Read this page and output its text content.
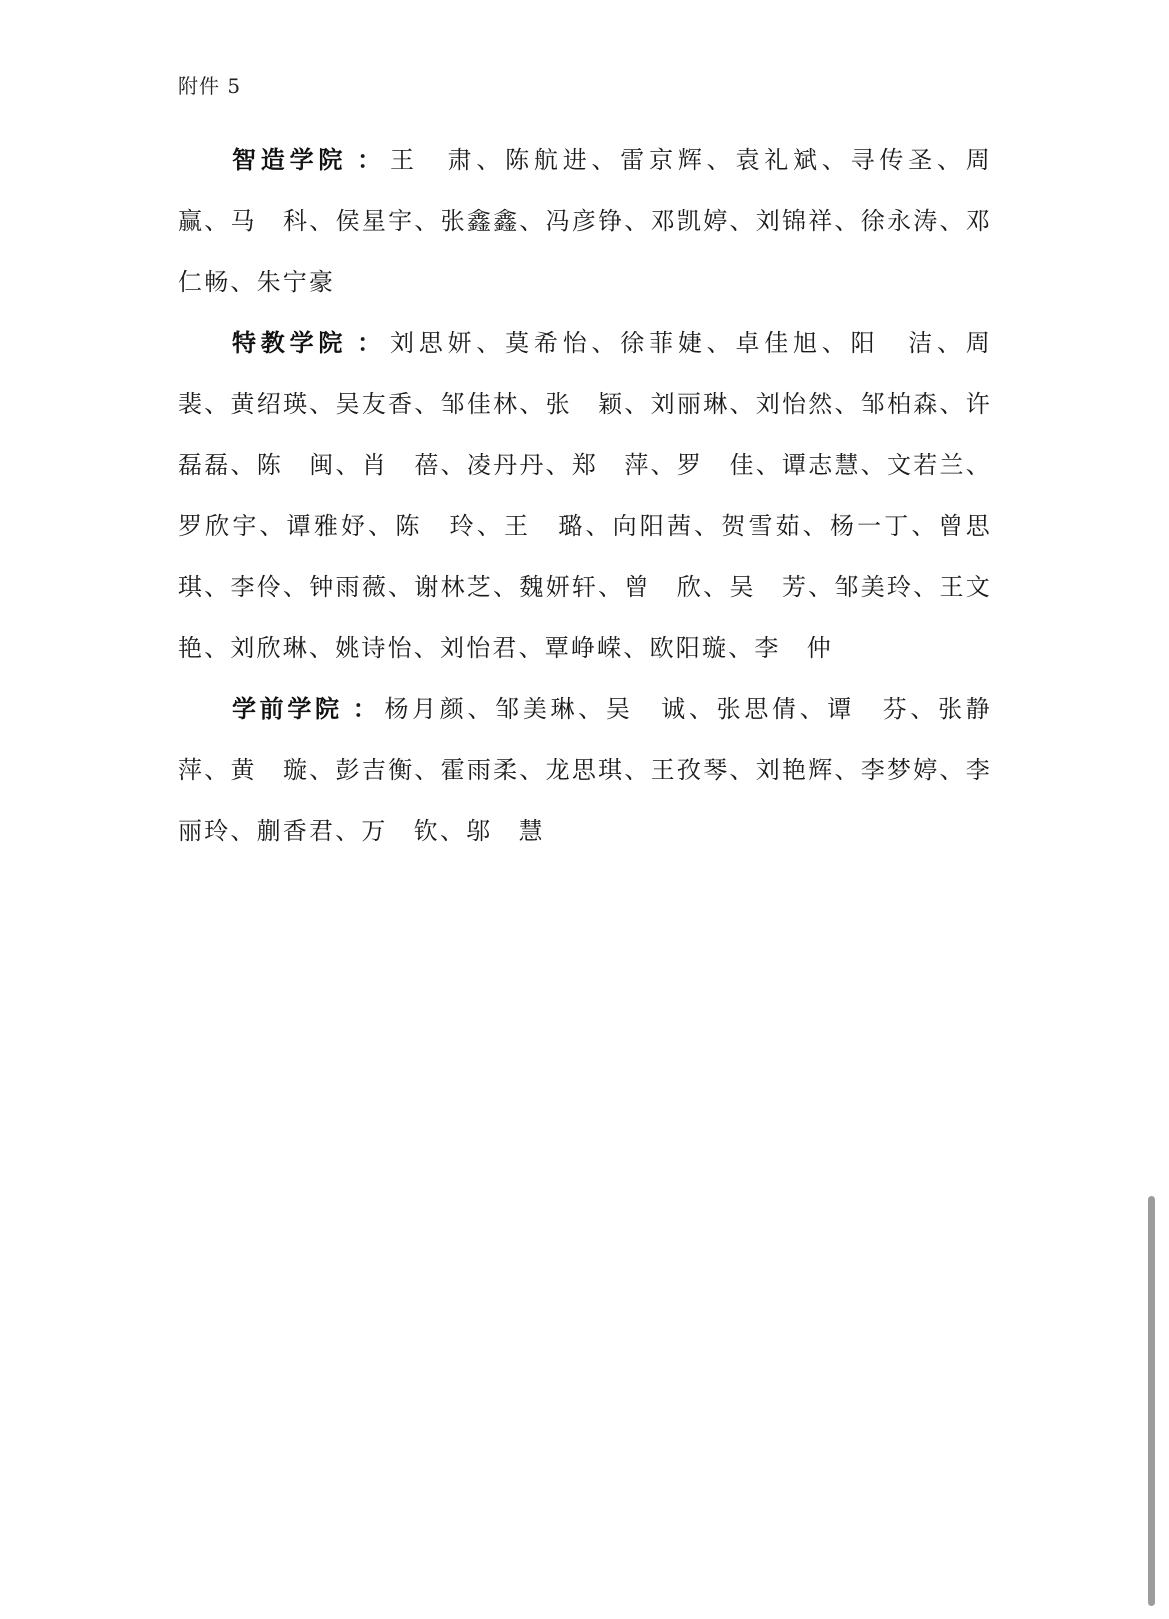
附件 5

智造学院 ： 王　肃、陈航进、雷京辉、袁礼斌、寻传圣、周　赢、马　科、侯星宇、张鑫鑫、冯彦铮、邓凯婷、刘锦祥、徐永涛、邓仁畅、朱宁豪

特教学院 ： 刘思妍、莫希怡、徐菲婕、卓佳旭、阳　洁、周　裴、黄绍瑛、吴友香、邹佳林、张　颖、刘丽琳、刘怡然、邹柏森、许磊磊、陈　闽、肖　蓓、凌丹丹、郑　萍、罗　佳、谭志慧、文若兰、罗欣宇、谭雅妤、陈　玲、王　璐、向阳茜、贺雪茹、杨一丁、曾思琪、李伶、钟雨薇、谢林芝、魏妍轩、曾　欣、吴　芳、邹美玲、王文艳、刘欣琳、姚诗怡、刘怡君、覃峥嵘、欧阳璇、李　仲

学前学院 ： 杨月颜、邹美琳、吴　诚、张思倩、谭　芬、张静萍、黄　璇、彭吉衡、霍雨柔、龙思琪、王孜琴、刘艳辉、李梦婷、李丽玲、蒯香君、万　钦、邬　慧
